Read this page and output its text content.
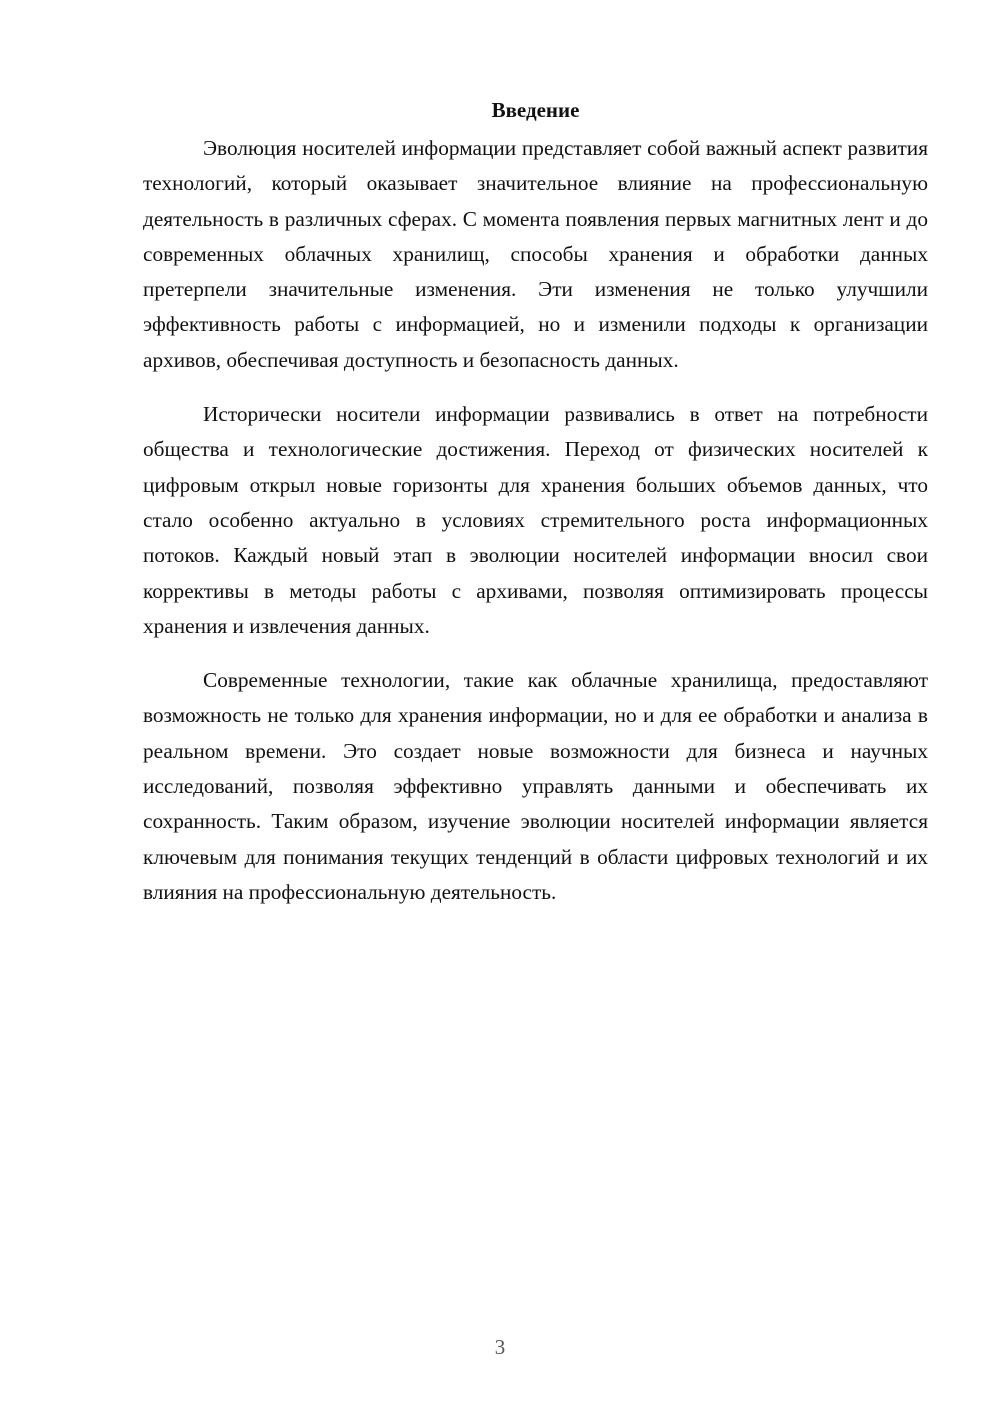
Введение

Эволюция носителей информации представляет собой важный аспект развития технологий, который оказывает значительное влияние на профессиональную деятельность в различных сферах. С момента появления первых магнитных лент и до современных облачных хранилищ, способы хранения и обработки данных претерпели значительные изменения. Эти изменения не только улучшили эффективность работы с информацией, но и изменили подходы к организации архивов, обеспечивая доступность и безопасность данных.

Исторически носители информации развивались в ответ на потребности общества и технологические достижения. Переход от физических носителей к цифровым открыл новые горизонты для хранения больших объемов данных, что стало особенно актуально в условиях стремительного роста информационных потоков. Каждый новый этап в эволюции носителей информации вносил свои коррективы в методы работы с архивами, позволяя оптимизировать процессы хранения и извлечения данных.

Современные технологии, такие как облачные хранилища, предоставляют возможность не только для хранения информации, но и для ее обработки и анализа в реальном времени. Это создает новые возможности для бизнеса и научных исследований, позволяя эффективно управлять данными и обеспечивать их сохранность. Таким образом, изучение эволюции носителей информации является ключевым для понимания текущих тенденций в области цифровых технологий и их влияния на профессиональную деятельность.

3
